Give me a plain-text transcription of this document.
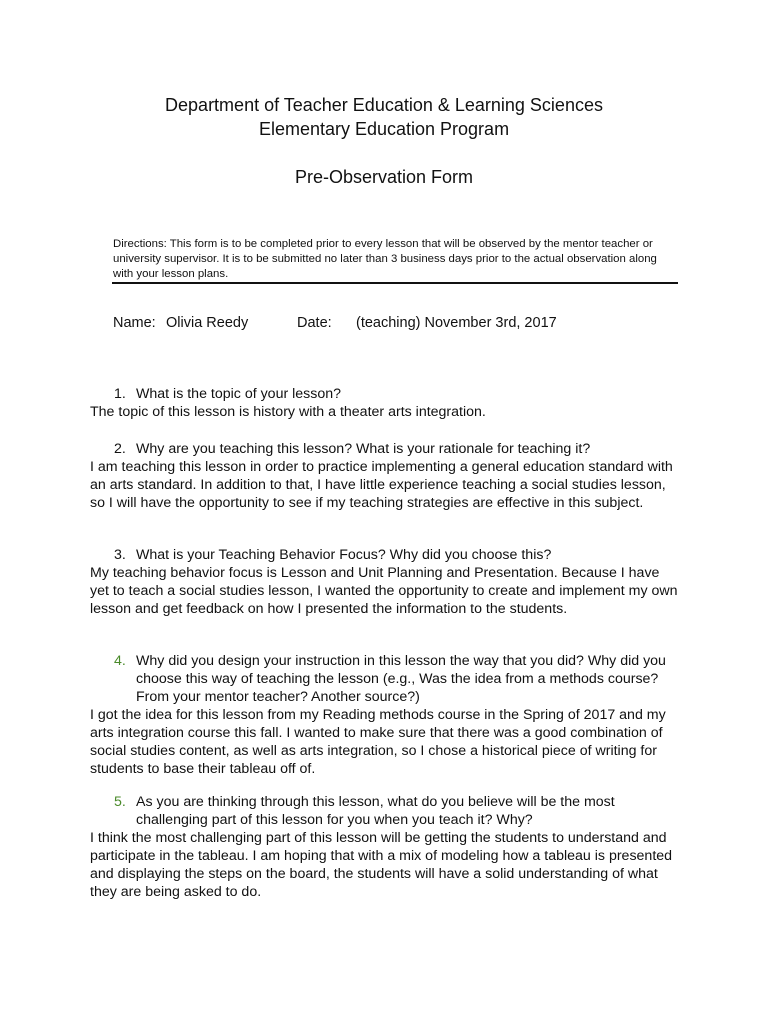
Department of Teacher Education & Learning Sciences
Elementary Education Program
Pre-Observation Form
Directions: This form is to be completed prior to every lesson that will be observed by the mentor teacher or university supervisor. It is to be submitted no later than 3 business days prior to the actual observation along with your lesson plans.
Name: Olivia Reedy	Date: (teaching) November 3rd, 2017
1. What is the topic of your lesson?
The topic of this lesson is history with a theater arts integration.
2. Why are you teaching this lesson? What is your rationale for teaching it?
I am teaching this lesson in order to practice implementing a general education standard with an arts standard. In addition to that, I have little experience teaching a social studies lesson, so I will have the opportunity to see if my teaching strategies are effective in this subject.
3. What is your Teaching Behavior Focus? Why did you choose this?
My teaching behavior focus is Lesson and Unit Planning and Presentation. Because I have yet to teach a social studies lesson, I wanted the opportunity to create and implement my own lesson and get feedback on how I presented the information to the students.
4. Why did you design your instruction in this lesson the way that you did? Why did you choose this way of teaching the lesson (e.g., Was the idea from a methods course? From your mentor teacher? Another source?)
I got the idea for this lesson from my Reading methods course in the Spring of 2017 and my arts integration course this fall. I wanted to make sure that there was a good combination of social studies content, as well as arts integration, so I chose a historical piece of writing for students to base their tableau off of.
5. As you are thinking through this lesson, what do you believe will be the most challenging part of this lesson for you when you teach it? Why?
I think the most challenging part of this lesson will be getting the students to understand and participate in the tableau. I am hoping that with a mix of modeling how a tableau is presented and displaying the steps on the board, the students will have a solid understanding of what they are being asked to do.
